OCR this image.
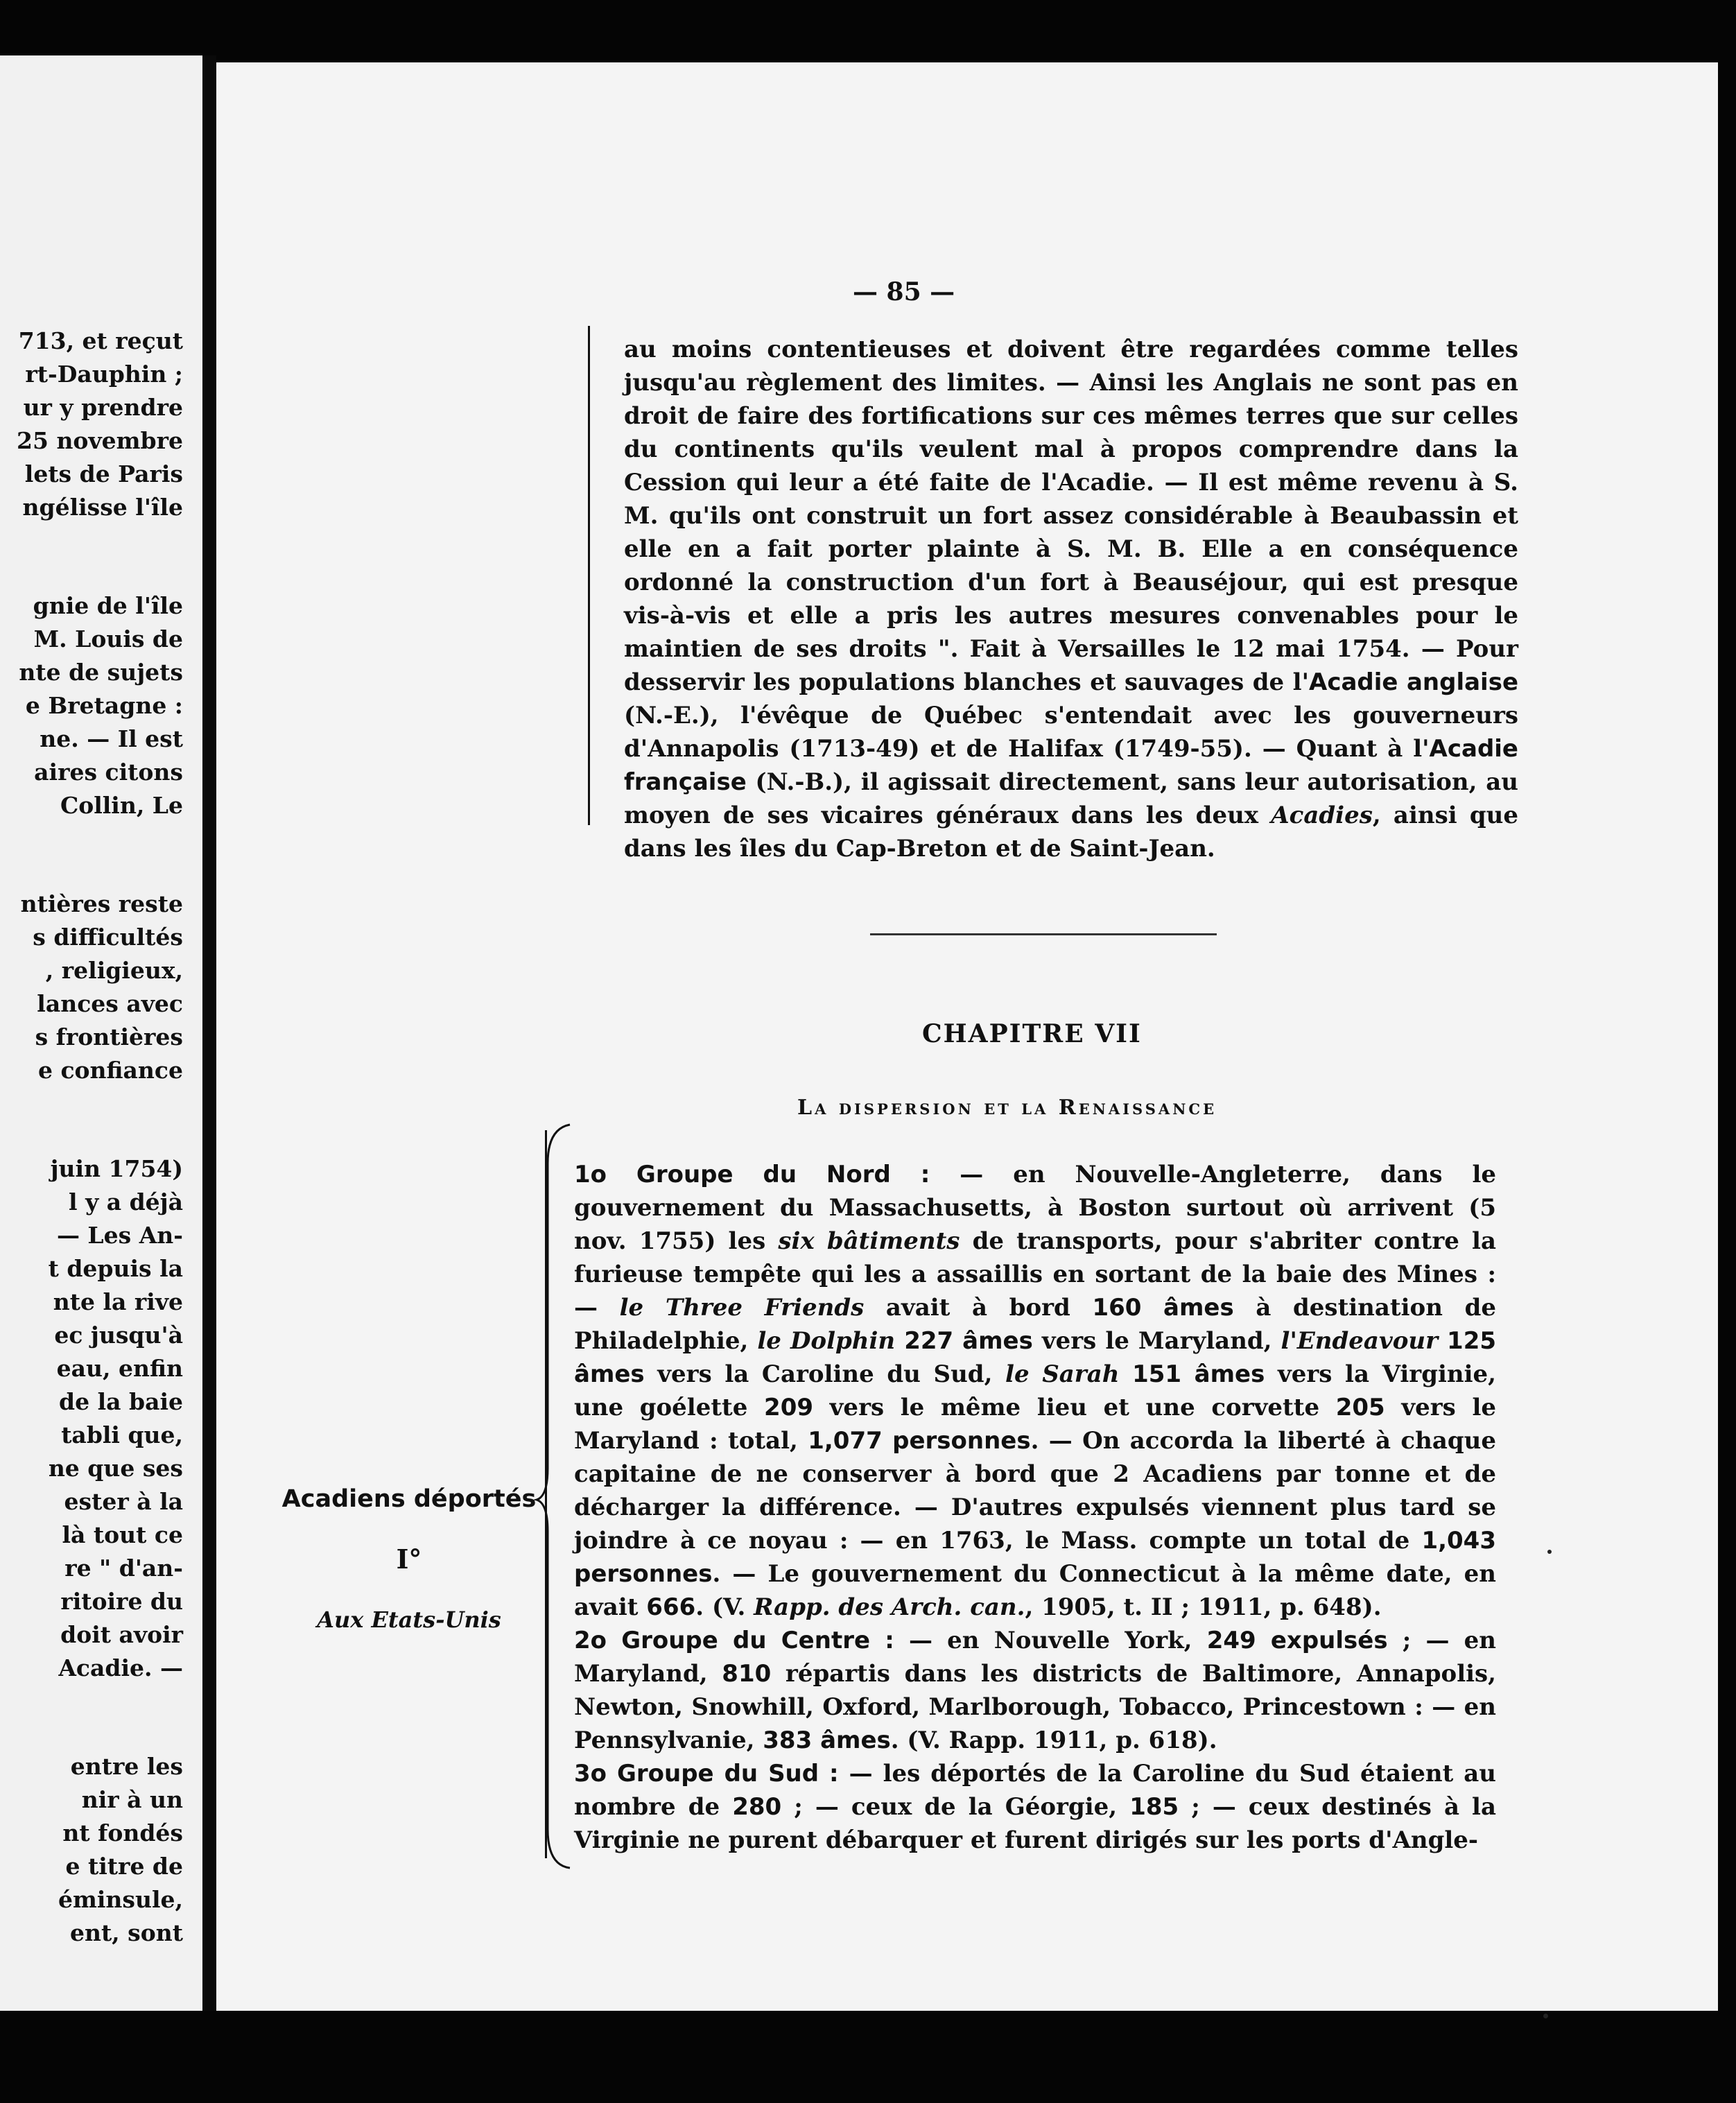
713, et reçut
rt-Dauphin ;
ur y prendre
25 novembre
lets de Paris
ngélisse l'île
gnie de l'île
M. Louis de
nte de sujets
e Bretagne :
ne. — Il est
aires citons
Collin, Le
ntières reste
s difficultés
, religieux,
lances avec
s frontières
e confiance
juin 1754)
l y a déjà
— Les An-
t depuis la
nte la rive
ec jusqu'à
eau, enfin
de la baie
tabli que,
ne que ses
ester à la
là tout ce
re " d'an-
ritoire du
doit avoir
Acadie. —
entre les
nir à un
nt fondés
e titre de
éminsule,
ent, sont
— 85 —

au moins contentieuses et doivent être regardées comme telles jusqu'au règlement des limites. — Ainsi les Anglais ne sont pas en droit de faire des fortifications sur ces mêmes terres que sur celles du continents qu'ils veulent mal à propos comprendre dans la Cession qui leur a été faite de l'Acadie. — Il est même revenu à S. M. qu'ils ont construit un fort assez considérable à Beaubassin et elle en a fait porter plainte à S. M. B. Elle a en conséquence ordonné la construction d'un fort à Beauséjour, qui est presque vis-à-vis et elle a pris les autres mesures convenables pour le maintien de ses droits ". Fait à Versailles le 12 mai 1754. — Pour desservir les populations blanches et sauvages de l'Acadie anglaise (N.-E.), l'évêque de Québec s'entendait avec les gouverneurs d'Annapolis (1713-49) et de Halifax (1749-55). — Quant à l'Acadie française (N.-B.), il agissait directement, sans leur autorisation, au moyen de ses vicaires généraux dans les deux Acadies, ainsi que dans les îles du Cap-Breton et de Saint-Jean.

CHAPITRE VII
La dispersion et la Renaissance
Acadiens déportés
I°
Aux Etats-Unis

1o Groupe du Nord : — en Nouvelle-Angleterre, dans le gouvernement du Massachusetts, à Boston surtout où arrivent (5 nov. 1755) les six bâtiments de transports, pour s'abriter contre la furieuse tempête qui les a assaillis en sortant de la baie des Mines : — le Three Friends avait à bord 160 âmes à destination de Philadelphie, le Dolphin 227 âmes vers le Maryland, l'Endeavour 125 âmes vers la Caroline du Sud, le Sarah 151 âmes vers la Virginie, une goélette 209 vers le même lieu et une corvette 205 vers le Maryland : total, 1,077 personnes. — On accorda la liberté à chaque capitaine de ne conserver à bord que 2 Acadiens par tonne et de décharger la différence. — D'autres expulsés viennent plus tard se joindre à ce noyau : — en 1763, le Mass. compte un total de 1,043 personnes. — Le gouvernement du Connecticut à la même date, en avait 666. (V. Rapp. des Arch. can., 1905, t. II ; 1911, p. 648).

2o Groupe du Centre : — en Nouvelle York, 249 expulsés ; — en Maryland, 810 répartis dans les districts de Baltimore, Annapolis, Newton, Snowhill, Oxford, Marlborough, Tobacco, Princestown : — en Pennsylvanie, 383 âmes. (V. Rapp. 1911, p. 618).

3o Groupe du Sud : — les déportés de la Caroline du Sud étaient au nombre de 280 ; — ceux de la Géorgie, 185 ; — ceux destinés à la Virginie ne purent débarquer et furent dirigés sur les ports d'Angle-
